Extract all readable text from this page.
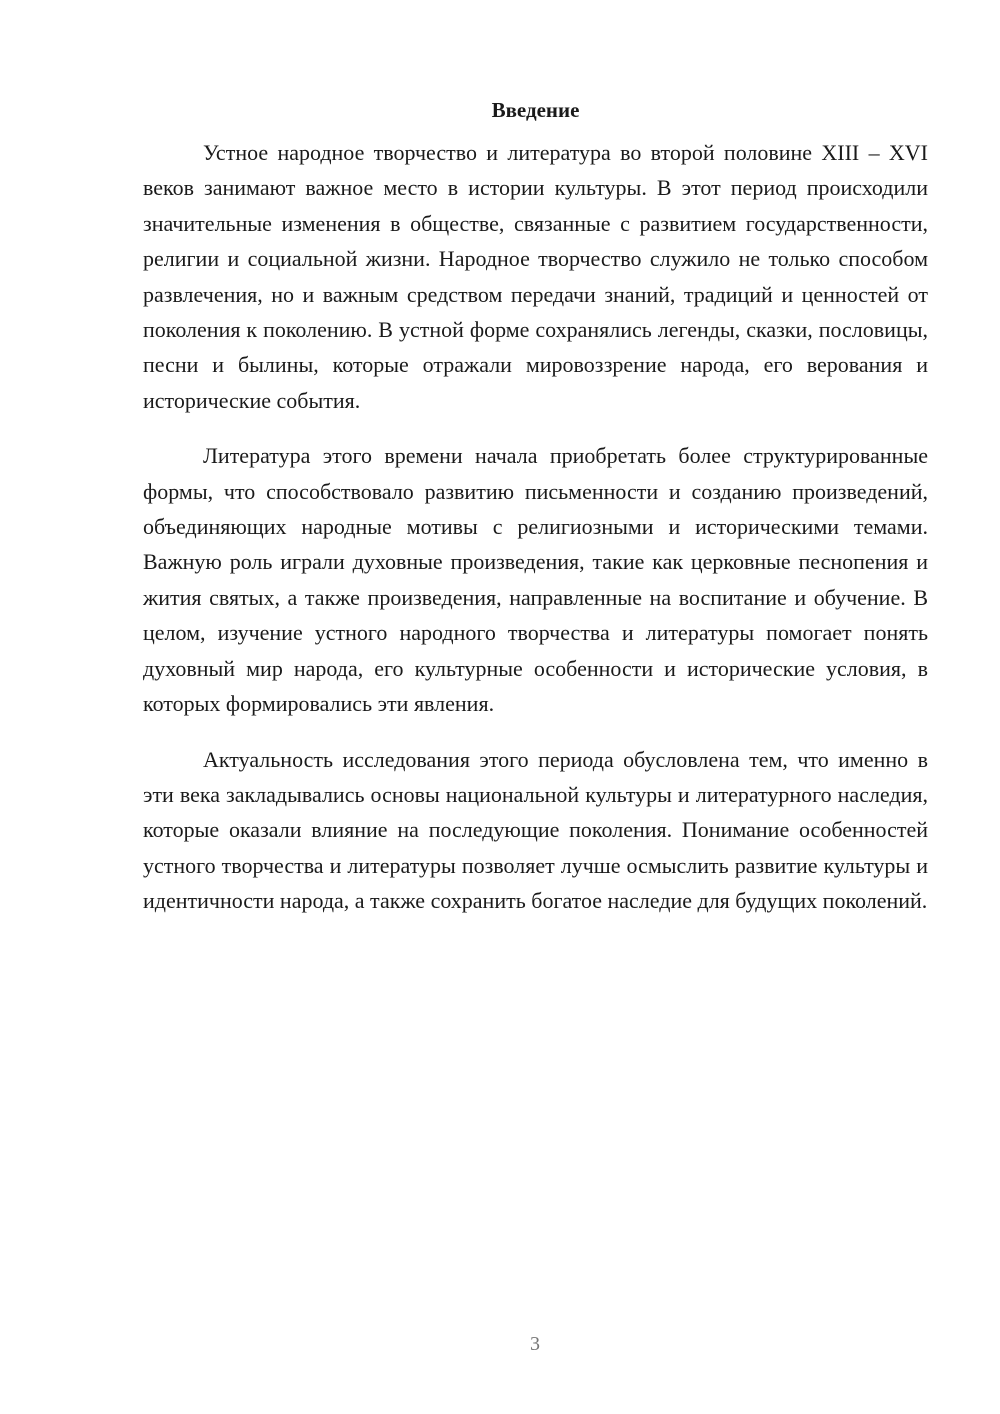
Введение

Устное народное творчество и литература во второй половине XIII – XVI веков занимают важное место в истории культуры. В этот период происходили значительные изменения в обществе, связанные с развитием государственности, религии и социальной жизни. Народное творчество служило не только способом развлечения, но и важным средством передачи знаний, традиций и ценностей от поколения к поколению. В устной форме сохранялись легенды, сказки, пословицы, песни и былины, которые отражали мировоззрение народа, его верования и исторические события.

Литература этого времени начала приобретать более структурированные формы, что способствовало развитию письменности и созданию произведений, объединяющих народные мотивы с религиозными и историческими темами. Важную роль играли духовные произведения, такие как церковные песнопения и жития святых, а также произведения, направленные на воспитание и обучение. В целом, изучение устного народного творчества и литературы помогает понять духовный мир народа, его культурные особенности и исторические условия, в которых формировались эти явления.

Актуальность исследования этого периода обусловлена тем, что именно в эти века закладывались основы национальной культуры и литературного наследия, которые оказали влияние на последующие поколения. Понимание особенностей устного творчества и литературы позволяет лучше осмыслить развитие культуры и идентичности народа, а также сохранить богатое наследие для будущих поколений.

3
